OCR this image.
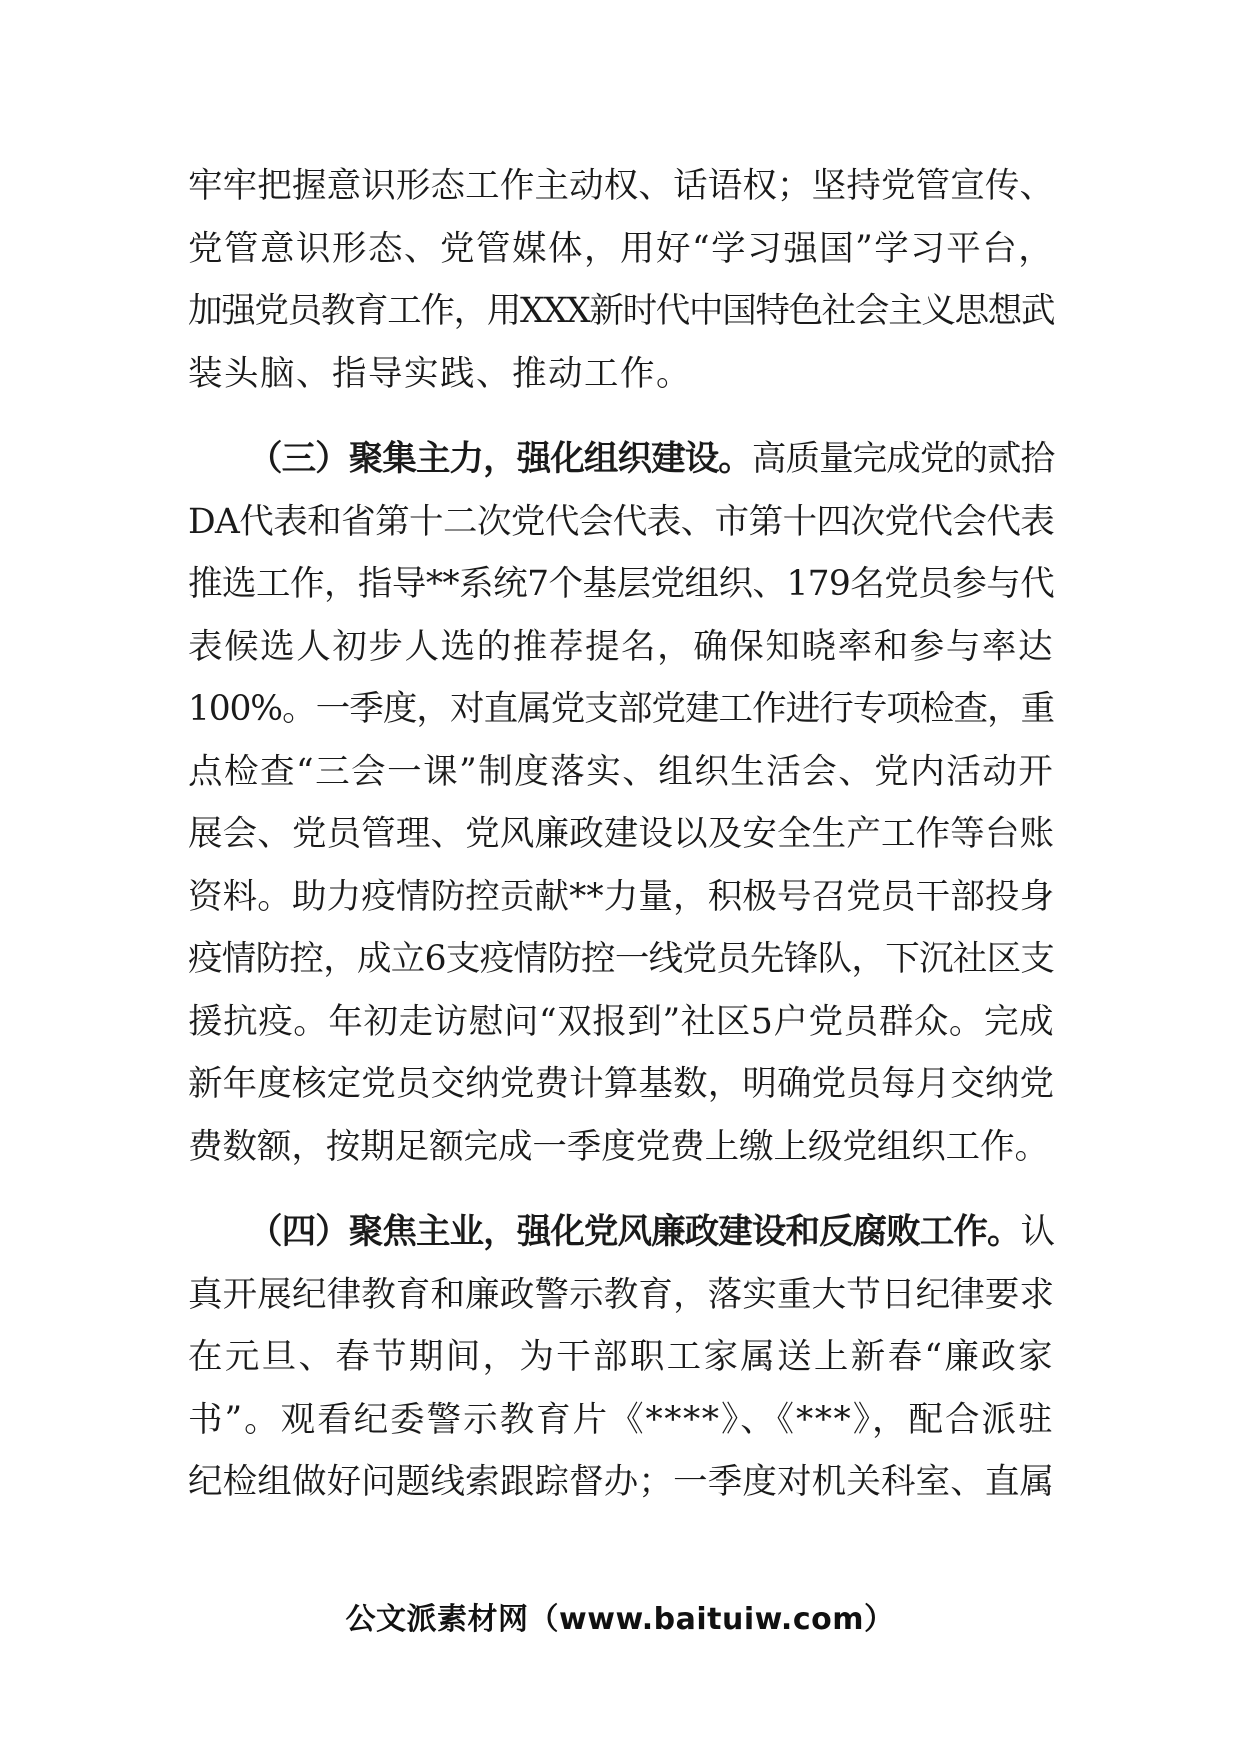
牢牢把握意识形态工作主动权、话语权；坚持党管宣传、
党管意识形态、党管媒体，用好“学习强国”学习平台，
加强党员教育工作，用XXX新时代中国特色社会主义思想武
装头脑、指导实践、推动工作。
（三）聚集主力，强化组织建设。高质量完成党的贰拾
DA代表和省第十二次党代会代表、市第十四次党代会代表
推选工作，指导**系统7个基层党组织、179名党员参与代
表候选人初步人选的推荐提名，确保知晓率和参与率达
100%。一季度，对直属党支部党建工作进行专项检查，重
点检查“三会一课”制度落实、组织生活会、党内活动开
展会、党员管理、党风廉政建设以及安全生产工作等台账
资料。助力疫情防控贡献**力量，积极号召党员干部投身
疫情防控，成立6支疫情防控一线党员先锋队，下沉社区支
援抗疫。年初走访慰问“双报到”社区5户党员群众。完成
新年度核定党员交纳党费计算基数，明确党员每月交纳党
费数额，按期足额完成一季度党费上缴上级党组织工作。
（四）聚焦主业，强化党风廉政建设和反腐败工作。认
真开展纪律教育和廉政警示教育，落实重大节日纪律要求
在元旦、春节期间，为干部职工家属送上新春“廉政家
书”。观看纪委警示教育片《****》、《***》，配合派驻
纪检组做好问题线索跟踪督办；一季度对机关科室、直属
公文派素材网（www.baituiw.com）
